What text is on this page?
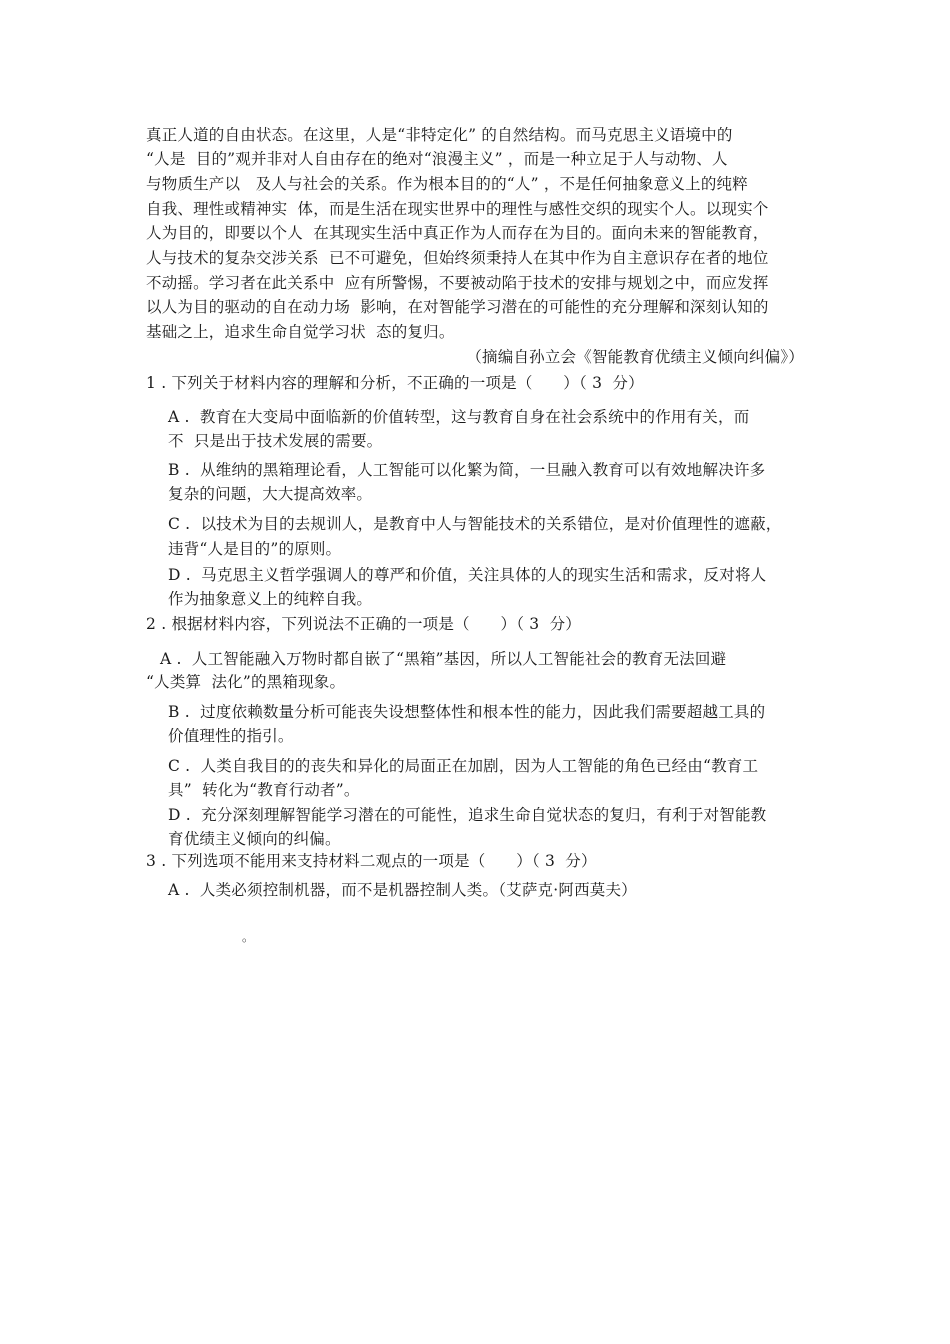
真正人道的自由状态。在这里，人是“非特定化” 的自然结构。而马克思主义语境中的
“人是  目的”观并非对人自由存在的绝对“浪漫主义” ，而是一种立足于人与动物、人
与物质生产以   及人与社会的关系。作为根本目的的“人” ，不是任何抽象意义上的纯粹
自我、理性或精神实  体，而是生活在现实世界中的理性与感性交织的现实个人。以现实个
人为目的，即要以个人  在其现实生活中真正作为人而存在为目的。面向未来的智能教育，
人与技术的复杂交涉关系  已不可避免，但始终须秉持人在其中作为自主意识存在者的地位
不动摇。学习者在此关系中  应有所警惕，不要被动陷于技术的安排与规划之中，而应发挥
以人为目的驱动的自在动力场  影响，在对智能学习潜在的可能性的充分理解和深刻认知的
基础之上，追求生命自觉学习状  态的复归。
（摘编自孙立会《智能教育优绩主义倾向纠偏》）
1 . 下列关于材料内容的理解和分析，不正确的一项是（      ）（ 3  分）
A .  教育在大变局中面临新的价值转型，这与教育自身在社会系统中的作用有关，而
不  只是出于技术发展的需要。
B .  从维纳的黑箱理论看，人工智能可以化繁为简，一旦融入教育可以有效地解决许多
复杂的问题，大大提高效率。
C .  以技术为目的去规训人，是教育中人与智能技术的关系错位，是对价值理性的遮蔽，
违背“人是目的”的原则。
D .  马克思主义哲学强调人的尊严和价值，关注具体的人的现实生活和需求，反对将人
作为抽象意义上的纯粹自我。
2 . 根据材料内容，下列说法不正确的一项是（      ）（ 3  分）
A .  人工智能融入万物时都自嵌了“黑箱”基因，所以人工智能社会的教育无法回避
“人类算  法化”的黑箱现象。
B .  过度依赖数量分析可能丧失设想整体性和根本性的能力，因此我们需要超越工具的
价值理性的指引。
C .  人类自我目的的丧失和异化的局面正在加剧，因为人工智能的角色已经由“教育工
具”  转化为“教育行动者”。
D .  充分深刻理解智能学习潜在的可能性，追求生命自觉状态的复归，有利于对智能教
育优绩主义倾向的纠偏。
3 . 下列选项不能用来支持材料二观点的一项是（      ）（ 3  分）
A .  人类必须控制机器，而不是机器控制人类。（艾萨克·阿西莫夫）
。
